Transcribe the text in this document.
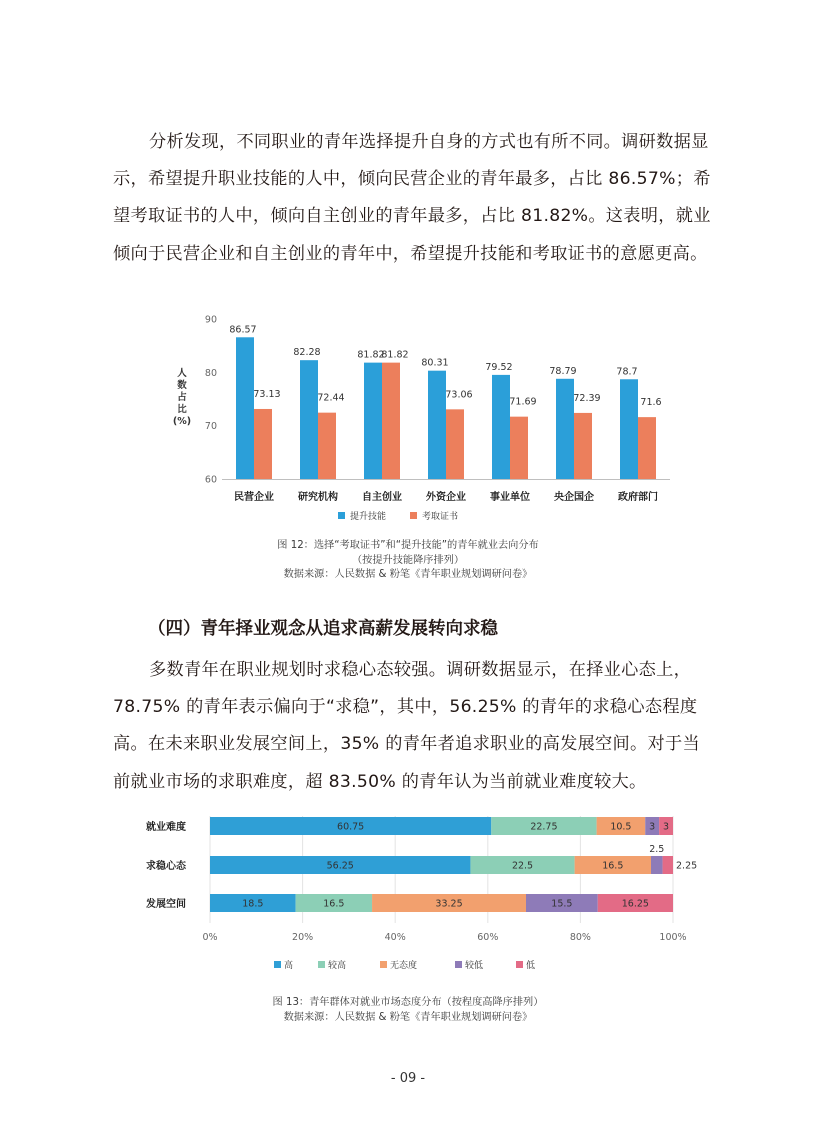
分析发现，不同职业的青年选择提升自身的方式也有所不同。调研数据显示，希望提升职业技能的人中，倾向民营企业的青年最多，占比 86.57%；希望考取证书的人中，倾向自主创业的青年最多，占比 81.82%。这表明，就业倾向于民营企业和自主创业的青年中，希望提升技能和考取证书的意愿更高。

60
70
80
90
人
数
占
比
(%)
86.57
73.13
民营企业
82.28
72.44
研究机构
81.82
81.82
自主创业
80.31
73.06
外资企业
79.52
71.69
事业单位
78.79
72.39
央企国企
78.7
71.6
政府部门
提升技能	考取证书

图 12：选择“考取证书”和“提升技能”的青年就业去向分布
（按提升技能降序排列）
数据来源：人民数据 & 粉笔《青年职业规划调研问卷》

（四）青年择业观念从追求高薪发展转向求稳

多数青年在职业规划时求稳心态较强。调研数据显示，在择业心态上，78.75% 的青年表示偏向于“求稳”，其中，56.25% 的青年的求稳心态程度高。在未来职业发展空间上，35% 的青年者追求职业的高发展空间。对于当前就业市场的求职难度，超 83.50% 的青年认为当前就业难度较大。

0%	20%	40%	60%	80%	100%
就业难度	60.75	22.75	10.5 3 3
求稳心态	56.25	22.5	16.5
2.5
2.25
发展空间	18.5	16.5	33.25	15.5	16.25
高	较高	无态度	较低	低

图 13：青年群体对就业市场态度分布（按程度高降序排列）
数据来源：人民数据 & 粉笔《青年职业规划调研问卷》

- 09 -
